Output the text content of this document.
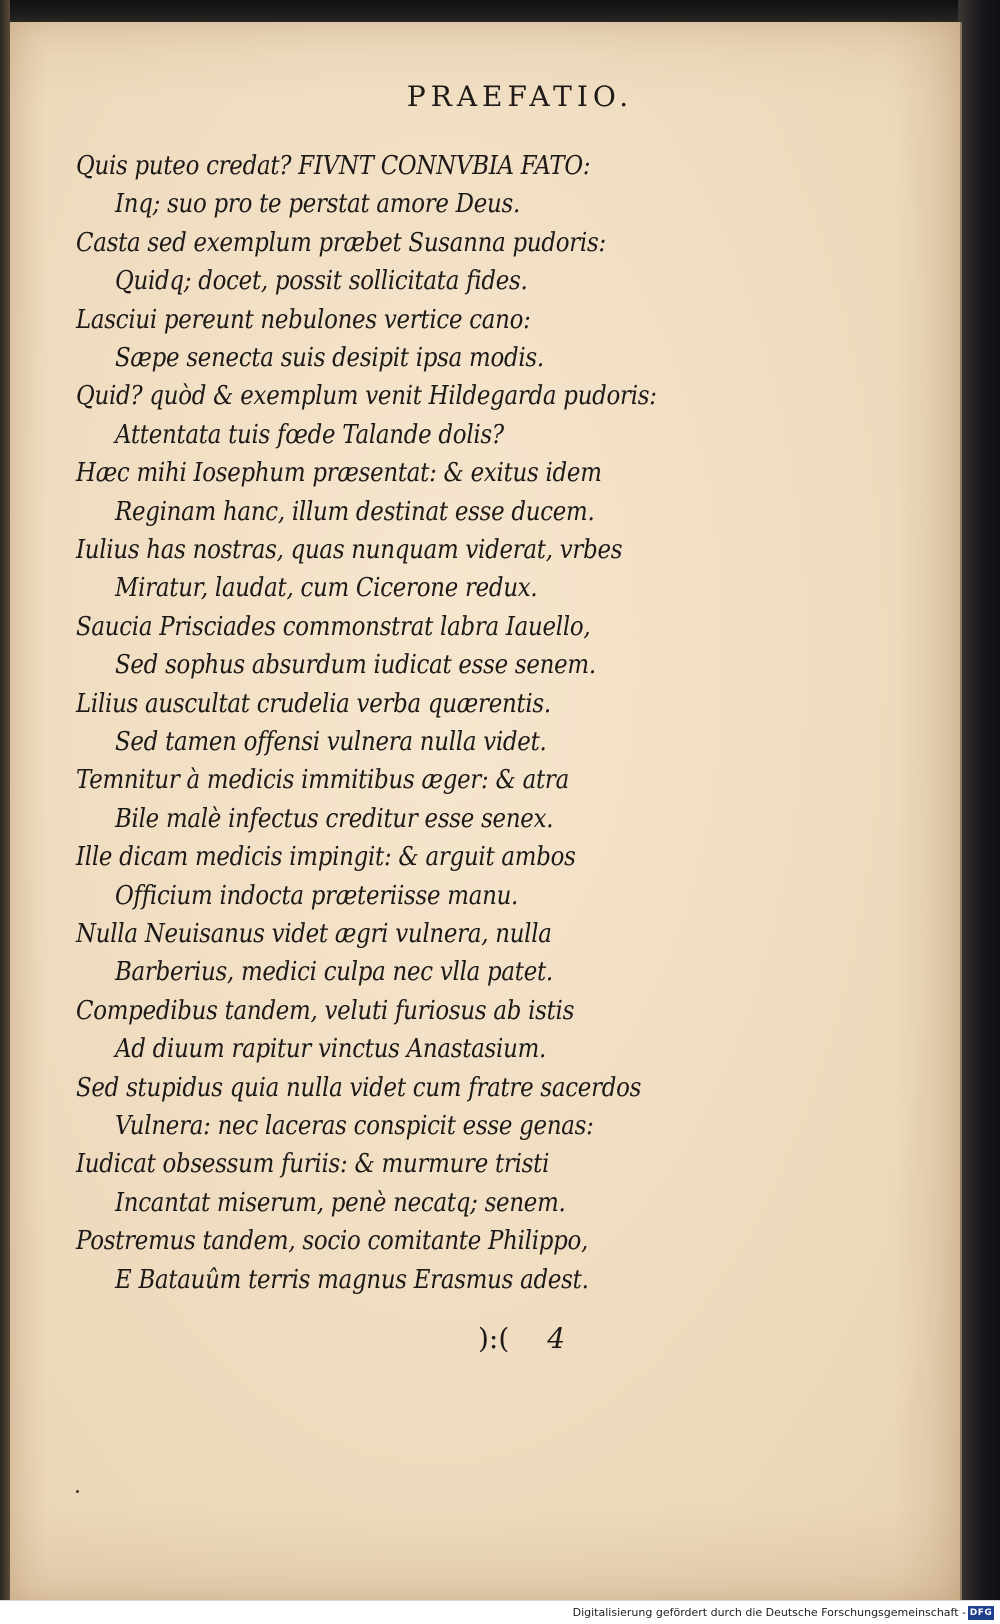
PRAEFATIO.
Quis puteo credat? FIVNT CONNVBIA FATO:
Inq; suo pro te perstat amore Deus.
Casta sed exemplum præbet Susanna pudoris:
Quidq; docet, possit sollicitata fides.
Lasciui pereunt nebulones vertice cano:
Sæpe senecta suis desipit ipsa modis.
Quid? quòd & exemplum venit Hildegarda pudoris:
Attentata tuis fœde Talande dolis?
Hæc mihi Iosephum præsentat: & exitus idem
Reginam hanc, illum destinat esse ducem.
Iulius has nostras, quas nunquam viderat, vrbes
Miratur, laudat, cum Cicerone redux.
Saucia Prisciades commonstrat labra Iauello,
Sed sophus absurdum iudicat esse senem.
Lilius auscultat crudelia verba quærentis.
Sed tamen offensi vulnera nulla videt.
Temnitur à medicis immitibus æger: & atra
Bile malè infectus creditur esse senex.
Ille dicam medicis impingit: & arguit ambos
Officium indocta præteriisse manu.
Nulla Neuisanus videt ægri vulnera, nulla
Barberius, medici culpa nec vlla patet.
Compedibus tandem, veluti furiosus ab istis
Ad diuum rapitur vinctus Anastasium.
Sed stupidus quia nulla videt cum fratre sacerdos
Vulnera: nec laceras conspicit esse genas:
Iudicat obsessum furiis: & murmure tristi
Incantat miserum, penè necatq; senem.
Postremus tandem, socio comitante Philippo,
E Batauûm terris magnus Erasmus adest.
):( 4
Digitalisierung gefördert durch die Deutsche Forschungsgemeinschaft - DFG
